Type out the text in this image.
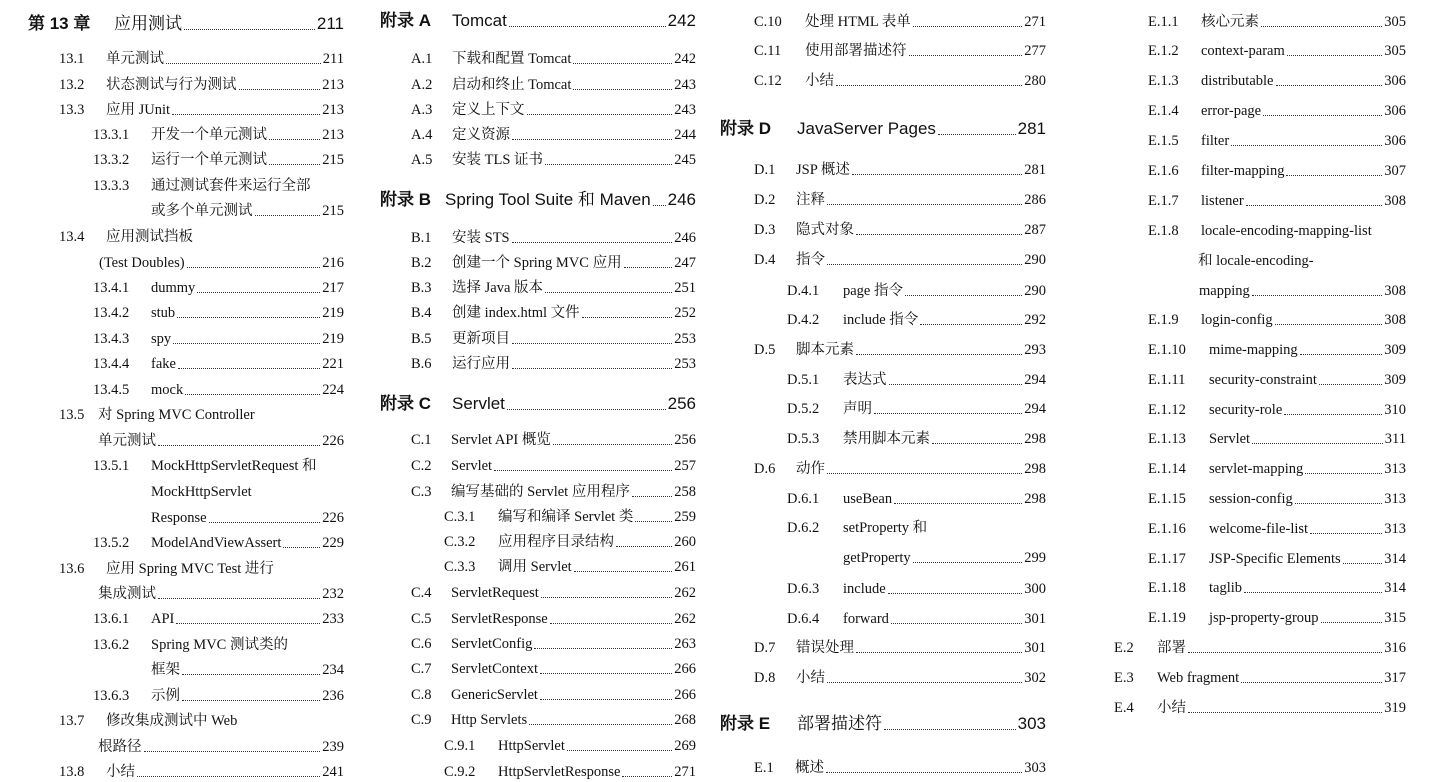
第 13 章	应用测试	211
13.1	单元测试	211
13.2	状态测试与行为测试	213
13.3	应用 JUnit	213
13.3.1	开发一个单元测试	213
13.3.2	运行一个单元测试	215
13.3.3	通过测试套件来运行全部
或多个单元测试	215
13.4	应用测试挡板
(Test Doubles)	216
13.4.1	dummy	217
13.4.2	stub	219
13.4.3	spy	219
13.4.4	fake	221
13.4.5	mock	224
13.5 对 Spring MVC Controller
单元测试	226
13.5.1	MockHttpServletRequest 和
MockHttpServlet
Response	226
13.5.2	ModelAndViewAssert	229
13.6	应用 Spring MVC Test 进行
集成测试	232
13.6.1	API	233
13.6.2	Spring MVC 测试类的
框架	234
13.6.3	示例	236
13.7	修改集成测试中 Web
根路径	239
13.8	小结	241
附录 A	Tomcat	242
A.1	下载和配置 Tomcat	242
A.2	启动和终止 Tomcat	243
A.3	定义上下文	243
A.4	定义资源	244
A.5	安装 TLS 证书	245
附录 B Spring Tool Suite 和 Maven 246
B.1	安装 STS	246
B.2	创建一个 Spring MVC 应用	247
B.3	选择 Java 版本	251
B.4	创建 index.html 文件	252
B.5	更新项目	253
B.6	运行应用	253
附录 C	Servlet	256
C.1	Servlet API 概览	256
C.2	Servlet	257
C.3	编写基础的 Servlet 应用程序	258
C.3.1	编写和编译 Servlet 类	259
C.3.2	应用程序目录结构	260
C.3.3	调用 Servlet	261
C.4	ServletRequest	262
C.5	ServletResponse	262
C.6	ServletConfig	263
C.7	ServletContext	266
C.8	GenericServlet	266
C.9	Http Servlets	268
C.9.1	HttpServlet	269
C.9.2	HttpServletResponse	271
C.10	处理 HTML 表单	271
C.11	使用部署描述符	277
C.12	小结	280
附录 D	JavaServer Pages	281
D.1	JSP 概述	281
D.2	注释	286
D.3	隐式对象	287
D.4	指令	290
D.4.1	page 指令	290
D.4.2	include 指令	292
D.5	脚本元素	293
D.5.1	表达式	294
D.5.2	声明	294
D.5.3	禁用脚本元素	298
D.6	动作	298
D.6.1	useBean	298
D.6.2	setProperty 和
getProperty	299
D.6.3	include	300
D.6.4	forward	301
D.7	错误处理	301
D.8	小结	302
附录 E	部署描述符	303
E.1	概述	303
E.1.1	核心元素	305
E.1.2	context-param	305
E.1.3	distributable	306
E.1.4	error-page	306
E.1.5	filter	306
E.1.6	filter-mapping	307
E.1.7	listener	308
E.1.8	locale-encoding-mapping-list
和 locale-encoding-
mapping	308
E.1.9	login-config	308
E.1.10	mime-mapping	309
E.1.11	security-constraint	309
E.1.12	security-role	310
E.1.13	Servlet	311
E.1.14	servlet-mapping	313
E.1.15	session-config	313
E.1.16	welcome-file-list	313
E.1.17	JSP-Specific Elements	314
E.1.18	taglib	314
E.1.19	jsp-property-group	315
E.2	部署	316
E.3	Web fragment	317
E.4	小结	319
